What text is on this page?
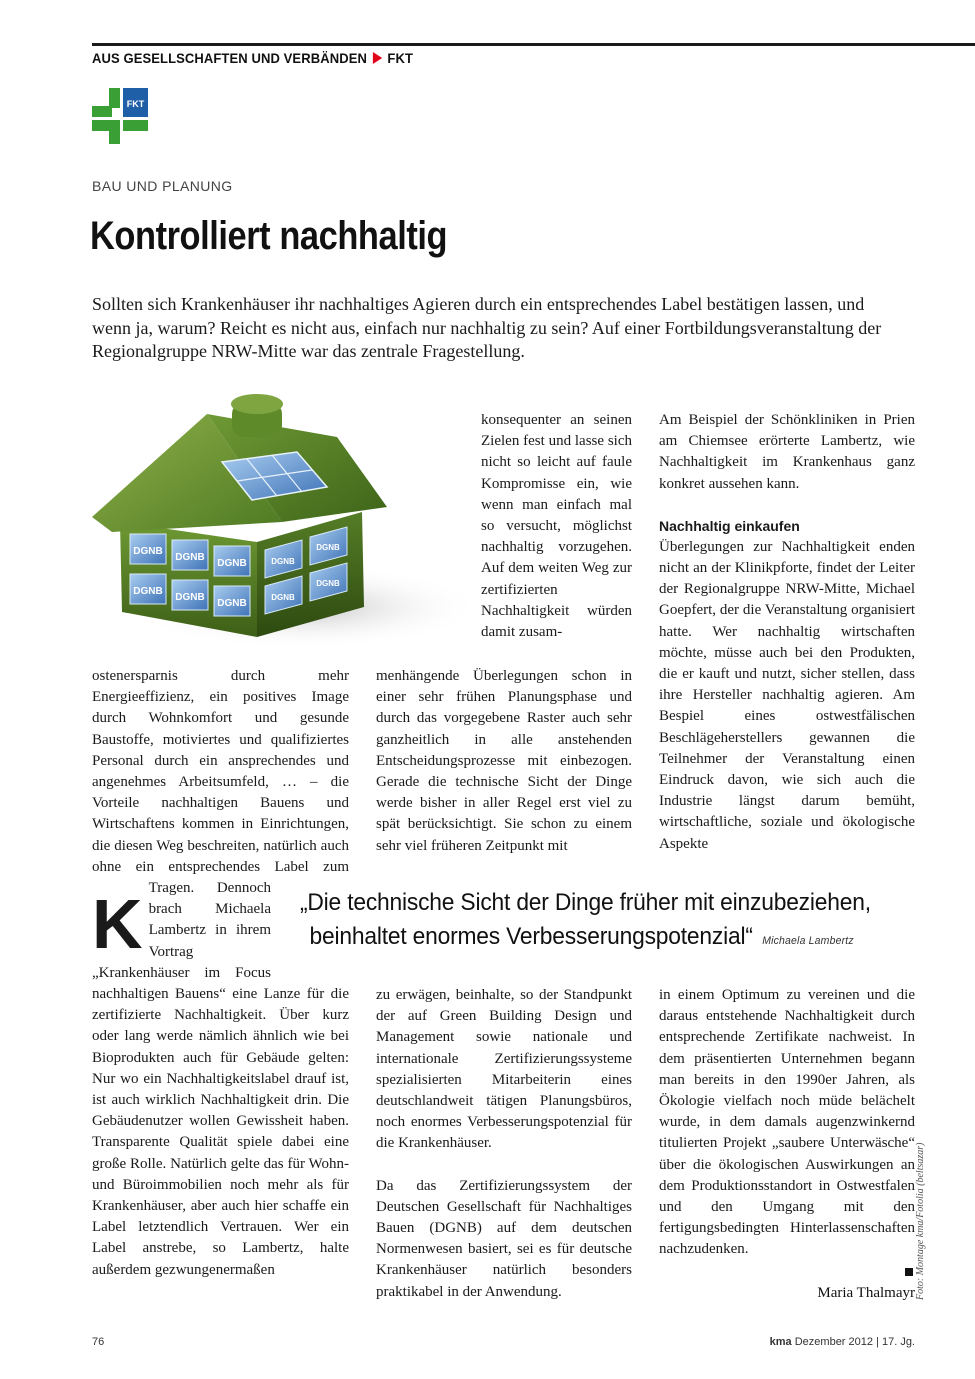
AUS GESELLSCHAFTEN UND VERBÄNDEN FKT
FKT
BAU UND PLANUNG
Kontrolliert nachhaltig
Sollten sich Krankenhäuser ihr nachhaltiges Agieren durch ein entsprechendes Label bestätigen lassen, und wenn ja, warum? Reicht es nicht aus, einfach nur nachhaltig zu sein? Auf einer Fortbildungsveranstaltung der Regionalgruppe NRW-Mitte war das zentrale Fragestellung.
DGNB
DGNB
DGNB
DGNB
DGNB
DGNB
DGNB
DGNB
DGNB
DGNB

K
ostenersparnis durch mehr Energieeffizienz, ein positives Image durch Wohnkomfort und gesunde Baustoffe, motiviertes und qualifiziertes Personal durch ein ansprechendes und angenehmes Arbeitsumfeld, … – die Vorteile nachhaltigen Bauens und Wirtschaftens kommen in Einrichtungen, die diesen Weg beschreiten, natürlich auch ohne ein entsprechendes Label zum Tragen. Dennoch brach Michaela Lambertz in ihrem Vortrag „Krankenhäuser im Focus nachhaltigen Bauens“ eine Lanze für die zertifizierte Nachhaltigkeit. Über kurz oder lang werde nämlich ähnlich wie bei Bioprodukten auch für Gebäude gelten: Nur wo ein Nachhaltigkeitslabel drauf ist, ist auch wirklich Nachhaltigkeit drin. Die Gebäudenutzer wollen Gewissheit haben. Transparente Qualität spiele dabei eine große Rolle. Natürlich gelte das für Wohn- und Büroimmobilien noch mehr als für Krankenhäuser, aber auch hier schaffe ein Label letztendlich Vertrauen. Wer ein Label anstrebe, so Lambertz, halte außerdem gezwungenermaßen

konsequenter an seinen Zielen fest und lasse sich nicht so leicht auf faule Kompromisse ein, wie wenn man einfach mal so versucht, möglichst nachhaltig vorzugehen. Auf dem weiten Weg zur zertifizierten Nachhaltigkeit würden damit zusam-

menhängende Überlegungen schon in einer sehr frühen Planungsphase und durch das vorgegebene Raster auch sehr ganzheitlich in alle anstehenden Entscheidungsprozesse mit einbezogen. Gerade die technische Sicht der Dinge werde bisher in aller Regel erst viel zu spät berücksichtigt. Sie schon zu einem sehr viel früheren Zeitpunkt mit

zu erwägen, beinhalte, so der Standpunkt der auf Green Building Design und Management sowie nationale und internationale Zertifizierungssysteme spezialisierten Mitarbeiterin eines deutschlandweit tätigen Planungsbüros, noch enormes Verbesserungspotenzial für die Krankenhäuser.

Da das Zertifizierungssystem der Deutschen Gesellschaft für Nachhaltiges Bauen (DGNB) auf dem deutschen Normenwesen basiert, sei es für deutsche Krankenhäuser natürlich besonders praktikabel in der Anwendung.

Am Beispiel der Schönkliniken in Prien am Chiemsee erörterte Lambertz, wie Nachhaltigkeit im Krankenhaus ganz konkret aussehen kann.

Nachhaltig einkaufen

Überlegungen zur Nachhaltigkeit enden nicht an der Klinikpforte, findet der Leiter der Regionalgruppe NRW-Mitte, Michael Goepfert, der die Veranstaltung organisiert hatte. Wer nachhaltig wirtschaften möchte, müsse auch bei den Produkten, die er kauft und nutzt, sicher stellen, dass ihre Hersteller nachhaltig agieren. Am Bespiel eines ostwestfälischen Beschlägeherstellers gewannen die Teilnehmer der Veranstaltung einen Eindruck davon, wie sich auch die Industrie längst darum bemüht, wirtschaftliche, soziale und ökologische Aspekte

in einem Optimum zu vereinen und die daraus entstehende Nachhaltigkeit durch entsprechende Zertifikate nachweist. In dem präsentierten Unternehmen begann man bereits in den 1990er Jahren, als Ökologie vielfach noch müde belächelt wurde, in dem damals augenzwinkernd titulierten Projekt „saubere Unterwäsche“ über die ökologischen Auswirkungen an dem Produktionsstandort in Ostwestfalen und den Umgang mit den fertigungsbedingten Hinterlassenschaften nachzudenken.

Maria Thalmayr
„Die technische Sicht der Dinge früher mit einzubeziehen,
beinhaltet enormes Verbesserungspotenzial“ Michaela Lambertz
Foto: Montage kma/Fotolia (beltsazar)
76	kma Dezember 2012 | 17. Jg.
